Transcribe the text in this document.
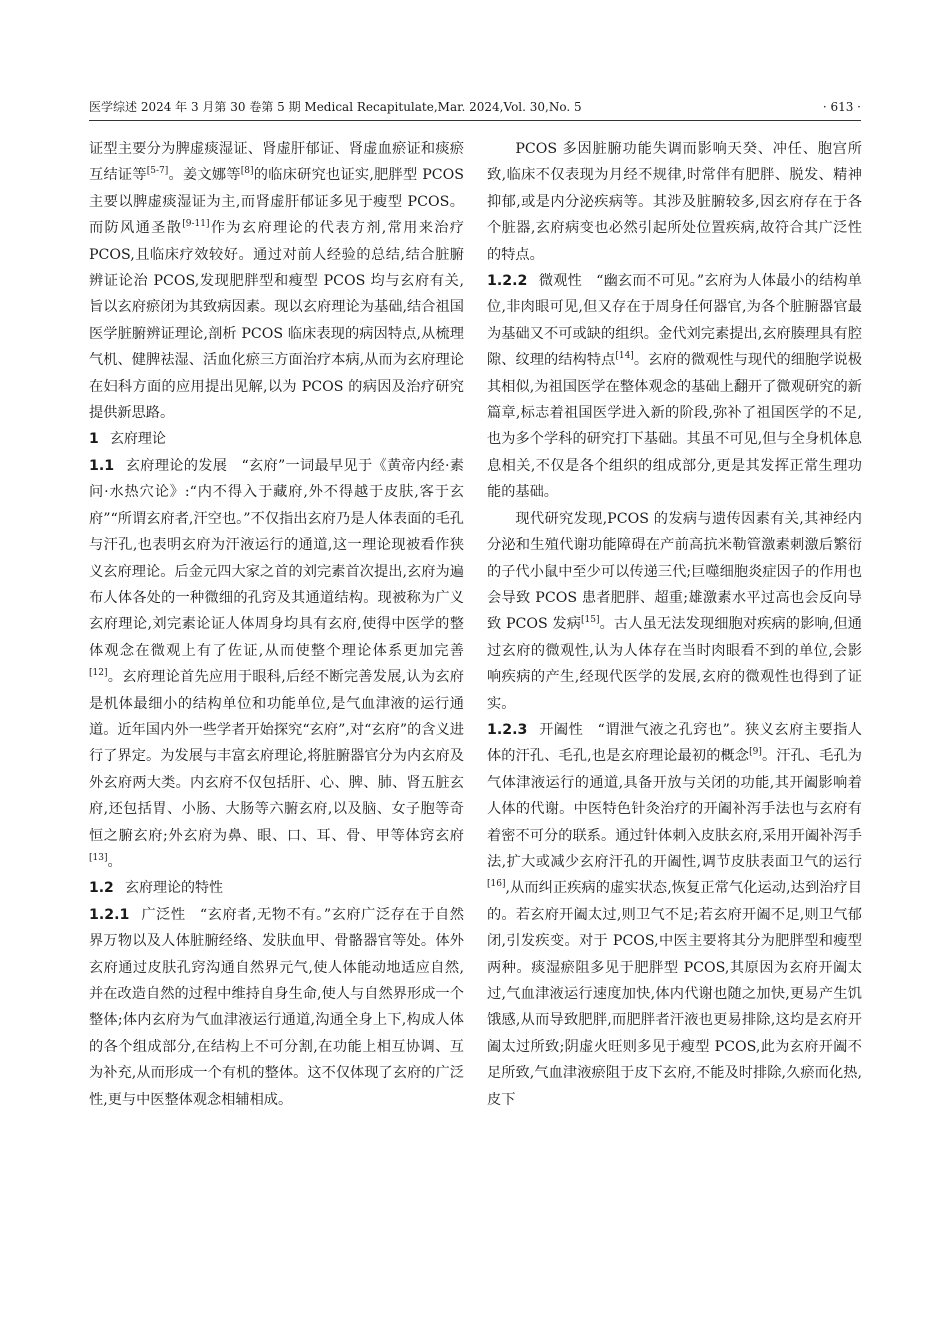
医学综述 2024 年 3 月第 30 卷第 5 期 Medical Recapitulate,Mar. 2024,Vol. 30,No. 5	· 613 ·

证型主要分为脾虚痰湿证、肾虚肝郁证、肾虚血瘀证和痰瘀互结证等[5-7]。姜文娜等[8]的临床研究也证实,肥胖型 PCOS 主要以脾虚痰湿证为主,而肾虚肝郁证多见于瘦型 PCOS。而防风通圣散[9-11]作为玄府理论的代表方剂,常用来治疗 PCOS,且临床疗效较好。通过对前人经验的总结,结合脏腑辨证论治 PCOS,发现肥胖型和瘦型 PCOS 均与玄府有关,旨以玄府瘀闭为其致病因素。现以玄府理论为基础,结合祖国医学脏腑辨证理论,剖析 PCOS 临床表现的病因特点,从梳理气机、健脾祛湿、活血化瘀三方面治疗本病,从而为玄府理论在妇科方面的应用提出见解,以为 PCOS 的病因及治疗研究提供新思路。

1 玄府理论

1.1 玄府理论的发展 “玄府”一词最早见于《黄帝内经·素问·水热穴论》:“内不得入于藏府,外不得越于皮肤,客于玄府”“所谓玄府者,汗空也。”不仅指出玄府乃是人体表面的毛孔与汗孔,也表明玄府为汗液运行的通道,这一理论现被看作狭义玄府理论。后金元四大家之首的刘完素首次提出,玄府为遍布人体各处的一种微细的孔窍及其通道结构。现被称为广义玄府理论,刘完素论证人体周身均具有玄府,使得中医学的整体观念在微观上有了佐证,从而使整个理论体系更加完善[12]。玄府理论首先应用于眼科,后经不断完善发展,认为玄府是机体最细小的结构单位和功能单位,是气血津液的运行通道。近年国内外一些学者开始探究“玄府”,对“玄府”的含义进行了界定。为发展与丰富玄府理论,将脏腑器官分为内玄府及外玄府两大类。内玄府不仅包括肝、心、脾、肺、肾五脏玄府,还包括胃、小肠、大肠等六腑玄府,以及脑、女子胞等奇恒之腑玄府;外玄府为鼻、眼、口、耳、骨、甲等体窍玄府[13]。

1.2 玄府理论的特性

1.2.1 广泛性 “玄府者,无物不有。”玄府广泛存在于自然界万物以及人体脏腑经络、发肤血甲、骨骼器官等处。体外玄府通过皮肤孔窍沟通自然界元气,使人体能动地适应自然,并在改造自然的过程中维持自身生命,使人与自然界形成一个整体;体内玄府为气血津液运行通道,沟通全身上下,构成人体的各个组成部分,在结构上不可分割,在功能上相互协调、互为补充,从而形成一个有机的整体。这不仅体现了玄府的广泛性,更与中医整体观念相辅相成。

PCOS 多因脏腑功能失调而影响天癸、冲任、胞宫所致,临床不仅表现为月经不规律,时常伴有肥胖、脱发、精神抑郁,或是内分泌疾病等。其涉及脏腑较多,因玄府存在于各个脏器,玄府病变也必然引起所处位置疾病,故符合其广泛性的特点。

1.2.2 微观性 “幽玄而不可见。”玄府为人体最小的结构单位,非肉眼可见,但又存在于周身任何器官,为各个脏腑器官最为基础又不可或缺的组织。金代刘完素提出,玄府腠理具有腔隙、纹理的结构特点[14]。玄府的微观性与现代的细胞学说极其相似,为祖国医学在整体观念的基础上翻开了微观研究的新篇章,标志着祖国医学进入新的阶段,弥补了祖国医学的不足,也为多个学科的研究打下基础。其虽不可见,但与全身机体息息相关,不仅是各个组织的组成部分,更是其发挥正常生理功能的基础。

现代研究发现,PCOS 的发病与遗传因素有关,其神经内分泌和生殖代谢功能障碍在产前高抗米勒管激素刺激后繁衍的子代小鼠中至少可以传递三代;巨噬细胞炎症因子的作用也会导致 PCOS 患者肥胖、超重;雄激素水平过高也会反向导致 PCOS 发病[15]。古人虽无法发现细胞对疾病的影响,但通过玄府的微观性,认为人体存在当时肉眼看不到的单位,会影响疾病的产生,经现代医学的发展,玄府的微观性也得到了证实。

1.2.3 开阖性 “谓泄气液之孔窍也”。狭义玄府主要指人体的汗孔、毛孔,也是玄府理论最初的概念[9]。汗孔、毛孔为气体津液运行的通道,具备开放与关闭的功能,其开阖影响着人体的代谢。中医特色针灸治疗的开阖补泻手法也与玄府有着密不可分的联系。通过针体刺入皮肤玄府,采用开阖补泻手法,扩大或减少玄府汗孔的开阖性,调节皮肤表面卫气的运行[16],从而纠正疾病的虚实状态,恢复正常气化运动,达到治疗目的。若玄府开阖太过,则卫气不足;若玄府开阖不足,则卫气郁闭,引发疾变。对于 PCOS,中医主要将其分为肥胖型和瘦型两种。痰湿瘀阻多见于肥胖型 PCOS,其原因为玄府开阖太过,气血津液运行速度加快,体内代谢也随之加快,更易产生饥饿感,从而导致肥胖,而肥胖者汗液也更易排除,这均是玄府开阖太过所致;阴虚火旺则多见于瘦型 PCOS,此为玄府开阖不足所致,气血津液瘀阻于皮下玄府,不能及时排除,久瘀而化热,皮下
